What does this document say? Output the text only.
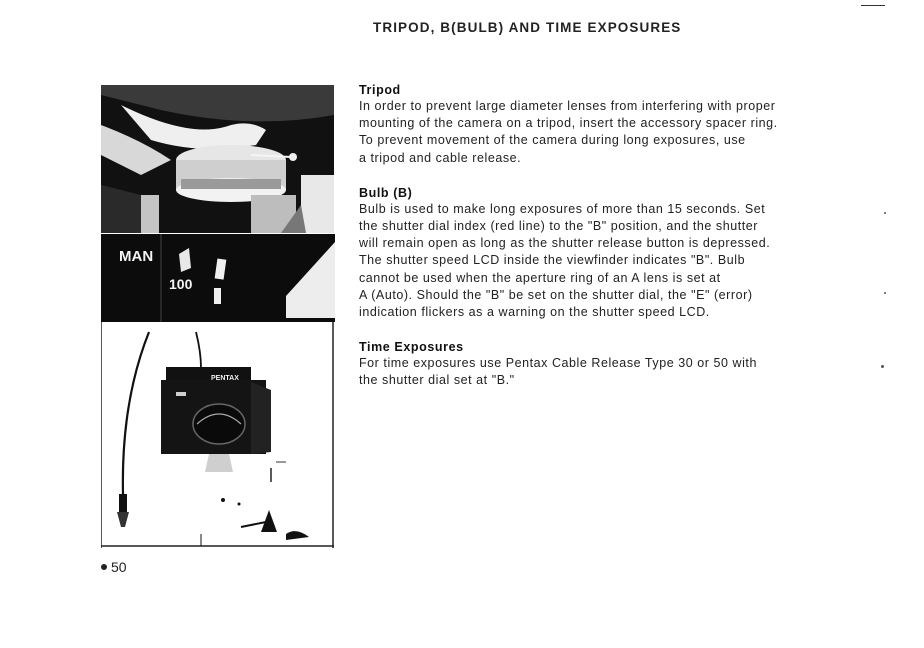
TRIPOD, B(BULB) AND TIME EXPOSURES
MAN
100
PENTAX
50
Tripod

In order to prevent large diameter lenses from interfering with proper
mounting of the camera on a tripod, insert the accessory spacer ring.
To prevent movement of the camera during long exposures, use
a tripod and cable release.

Bulb (B)

Bulb is used to make long exposures of more than 15 seconds. Set
the shutter dial index (red line) to the "B" position, and the shutter
will remain open as long as the shutter release button is depressed.
The shutter speed LCD inside the viewfinder indicates "B". Bulb
cannot be used when the aperture ring of an A lens is set at
A (Auto). Should the "B" be set on the shutter dial, the "E" (error)
indication flickers as a warning on the shutter speed LCD.

Time Exposures

For time exposures use Pentax Cable Release Type 30 or 50 with
the shutter dial set at "B."
